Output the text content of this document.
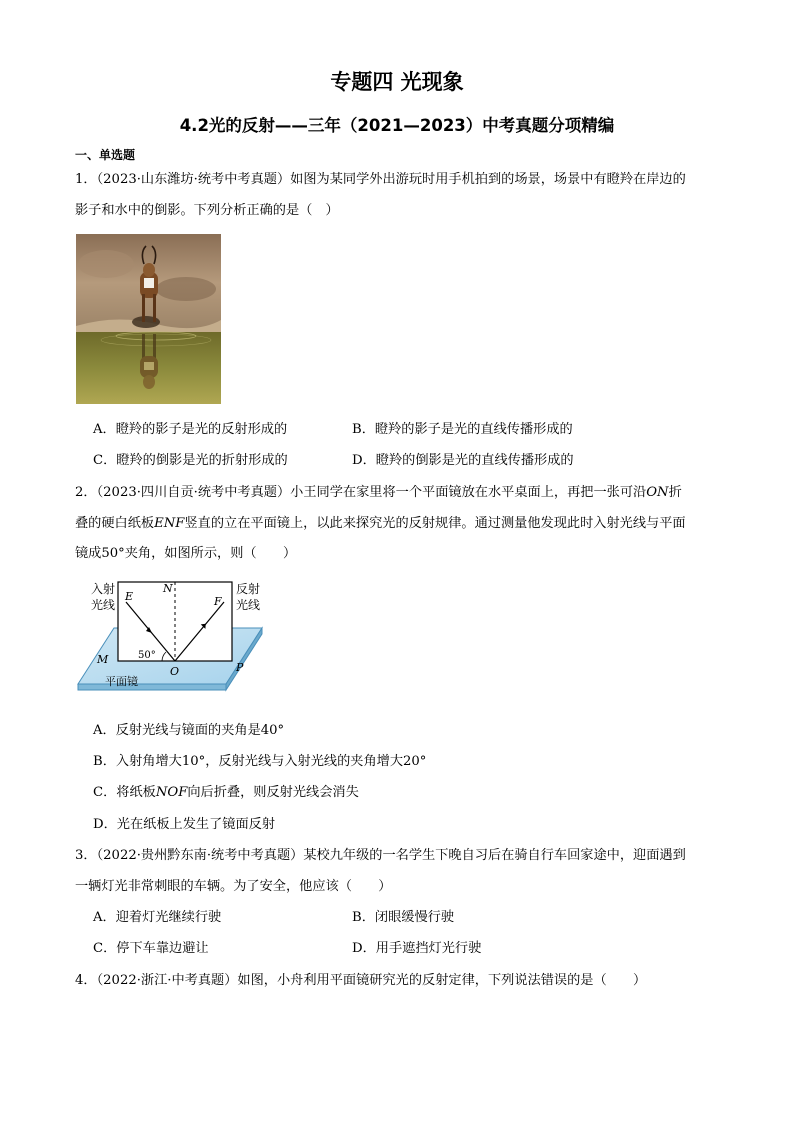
专题四 光现象
4.2光的反射——三年（2021—2023）中考真题分项精编
一、单选题
1．（2023·山东潍坊·统考中考真题）如图为某同学外出游玩时用手机拍到的场景，场景中有瞪羚在岸边的
影子和水中的倒影。下列分析正确的是（　）
A．瞪羚的影子是光的反射形成的	B．瞪羚的影子是光的直线传播形成的
C．瞪羚的倒影是光的折射形成的	D．瞪羚的倒影是光的直线传播形成的
2．（2023·四川自贡·统考中考真题）小王同学在家里将一个平面镜放在水平桌面上，再把一张可沿ON折
叠的硬白纸板ENF竖直的立在平面镜上，以此来探究光的反射规律。通过测量他发现此时入射光线与平面
镜成50°夹角，如图所示，则（　　）
入射
光线
反射
光线
E
N
F
M
O	P
50°
平面镜
A．反射光线与镜面的夹角是40°
B．入射角增大10°，反射光线与入射光线的夹角增大20°
C．将纸板NOF向后折叠，则反射光线会消失
D．光在纸板上发生了镜面反射
3．（2022·贵州黔东南·统考中考真题）某校九年级的一名学生下晚自习后在骑自行车回家途中，迎面遇到
一辆灯光非常刺眼的车辆。为了安全，他应该（　　）
A．迎着灯光继续行驶	B．闭眼缓慢行驶
C．停下车靠边避让	D．用手遮挡灯光行驶
4．（2022·浙江·中考真题）如图，小舟利用平面镜研究光的反射定律，下列说法错误的是（　　）
